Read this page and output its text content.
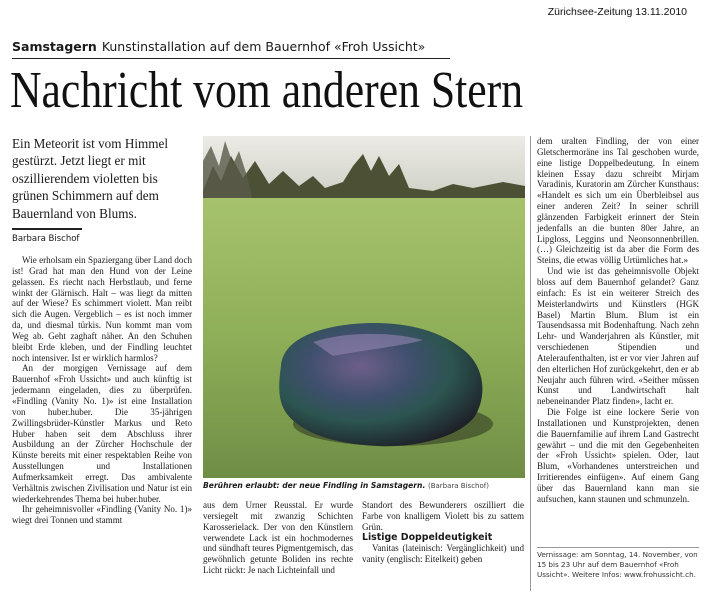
Zürichsee-Zeitung 13.11.2010
Samstagern Kunstinstallation auf dem Bauernhof «Froh Ussicht»
Nachricht vom anderen Stern
Ein Meteorit ist vom Himmel gestürzt. Jetzt liegt er mit oszillierendem violetten bis grünen Schimmern auf dem Bauernland von Blums.
Barbara Bischof

Wie erholsam ein Spaziergang über Land doch ist! Grad hat man den Hund von der Leine gelassen. Es riecht nach Herbstlaub, und ferne winkt der Glärnisch. Halt – was liegt da mitten auf der Wiese? Es schimmert violett. Man reibt sich die Augen. Vergeblich – es ist noch immer da, und diesmal türkis. Nun kommt man vom Weg ab. Geht zaghaft näher. An den Schuhen bleibt Erde kleben, und der Findling leuchtet noch intensiver. Ist er wirklich harmlos?

An der morgigen Vernissage auf dem Bauernhof «Froh Ussicht» und auch künftig ist jedermann eingeladen, dies zu überprüfen. «Findling (Vanity No. 1)» ist eine Installation von huber.huber. Die 35-jährigen Zwillingsbrüder-Künstler Markus und Reto Huber haben seit dem Abschluss ihrer Ausbildung an der Zürcher Hochschule der Künste bereits mit einer respektablen Reihe von Ausstellungen und Installationen Aufmerksamkeit erregt. Das ambivalente Verhältnis zwischen Zivilisation und Natur ist ein wiederkehrendes Thema bei huber.huber.

Ihr geheimnisvoller «Findling (Vanity No. 1)» wiegt drei Tonnen und stammt

Berühren erlaubt: der neue Findling in Samstagern. (Barbara Bischof)

aus dem Urner Reusstal. Er wurde versiegelt mit zwanzig Schichten Karosserielack. Der von den Künstlern verwendete Lack ist ein hochmodernes und sündhaft teures Pigmentgemisch, das gewöhnlich getunte Boliden ins rechte Licht rückt: Je nach Lichteinfall und

Standort des Bewunderers oszilliert die Farbe von knalligem Violett bis zu sattem Grün.

Listige Doppeldeutigkeit

Vanitas (lateinisch: Vergänglichkeit) und vanity (englisch: Eitelkeit) geben

dem uralten Findling, der von einer Gletschermoräne ins Tal geschoben wurde, eine listige Doppelbedeutung. In einem kleinen Essay dazu schreibt Mirjam Varadinis, Kuratorin am Zürcher Kunsthaus: «Handelt es sich um ein Überbleibsel aus einer anderen Zeit? In seiner schrill glänzenden Farbigkeit erinnert der Stein jedenfalls an die bunten 80er Jahre, an Lipgloss, Leggins und Neonsonnenbrillen. (…) Gleichzeitig ist da aber die Form des Steins, die etwas völlig Urtümliches hat.»

Und wie ist das geheimnisvolle Objekt bloss auf dem Bauernhof gelandet? Ganz einfach: Es ist ein weiterer Streich des Meisterlandwirts und Künstlers (HGK Basel) Martin Blum. Blum ist ein Tausendsassa mit Bodenhaftung. Nach zehn Lehr- und Wanderjahren als Künstler, mit verschiedenen Stipendien und Ateleraufenthalten, ist er vor vier Jahren auf den elterlichen Hof zurückgekehrt, den er ab Neujahr auch führen wird. «Seither müssen Kunst und Landwirtschaft halt nebeneinander Platz finden», lacht er.

Die Folge ist eine lockere Serie von Installationen und Kunstprojekten, denen die Bauernfamilie auf ihrem Land Gastrecht gewährt – und die mit den Gegebenheiten der «Froh Ussicht» spielen. Oder, laut Blum, «Vorhandenes unterstreichen und Irritierendes einfügen». Auf einem Gang über das Bauernland kann man sie aufsuchen, kann staunen und schmunzeln.

Vernissage: am Sonntag, 14. November, von 15 bis 23 Uhr auf dem Bauernhof «Froh Ussicht». Weitere Infos: www.frohussicht.ch.
